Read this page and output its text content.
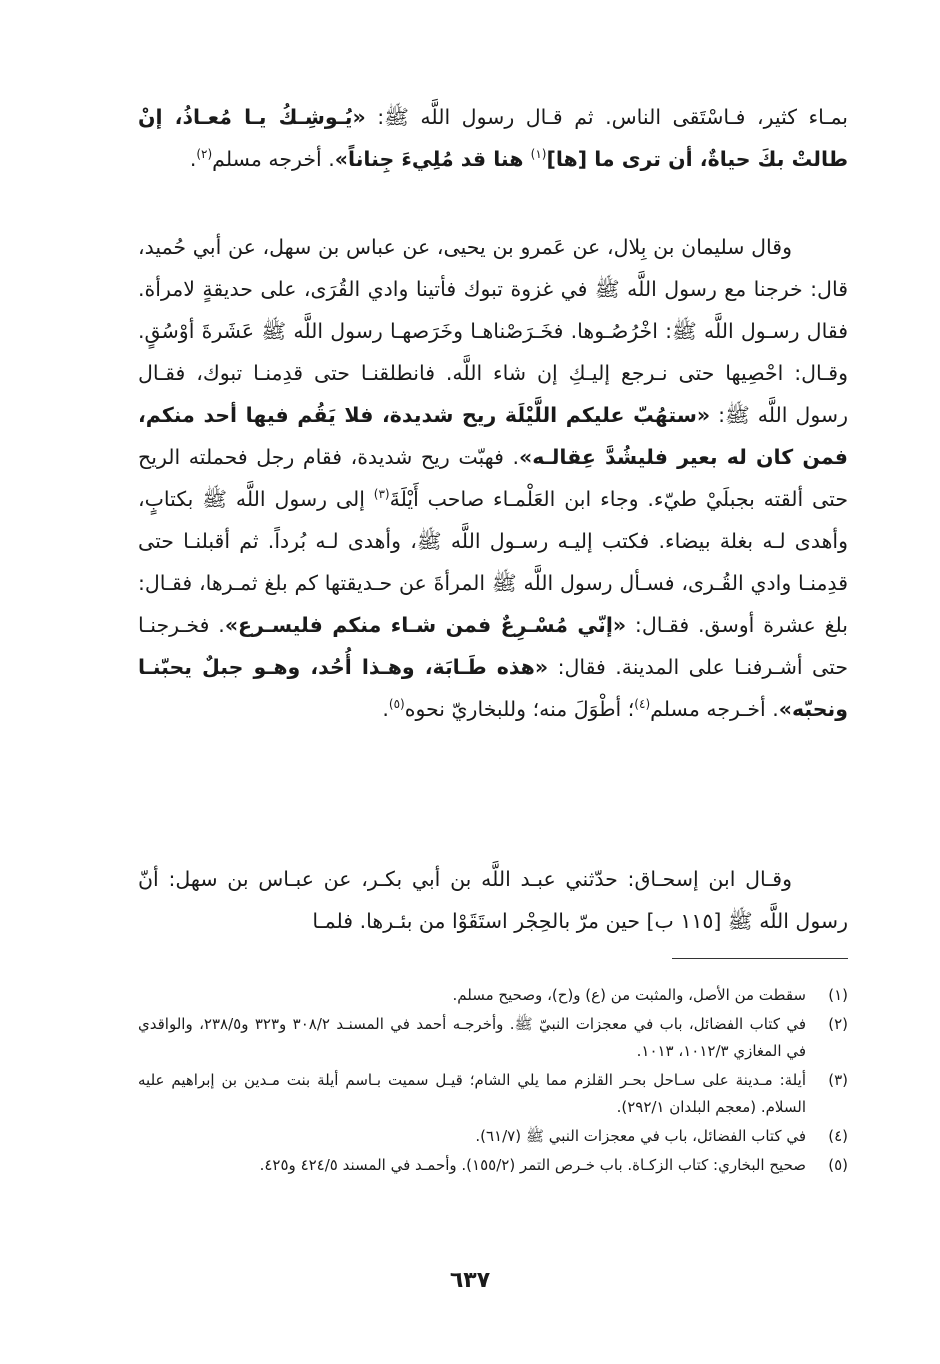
بمـاء كثير، فـاسْتَقى الناس. ثم قـال رسول اللَّه ﷺ: «يُـوشِـكُ يـا مُعـاذُ، إنْ طالتْ بكَ حياةٌ، أن ترى ما [ها]$^{(١)}$ هنا قد مُلِيءَ جِناناً». أخرجه مسلم$^{(٢)}$.

وقال سليمان بن بِلال، عن عَمرو بن يحيى، عن عباس بن سهل، عن أبي حُميد، قال: خرجنا مع رسول اللَّه ﷺ في غزوة تبوك فأتينا وادي القُرَى، على حديقةٍ لامرأة. فقال رسـول اللَّه ﷺ: اخْرُصُـوها. فخَـرَصْناهـا وخَرَصهـا رسول اللَّه ﷺ عَشَرةَ أوْسُقٍ. وقـال: احْصِيها حتى نـرجع إليـكِ إن شاء اللَّه. فانطلقنـا حتى قدِمنـا تبوك، فقـال رسول اللَّه ﷺ: «ستهُبّ عليكم اللَّيْلَة ريح شديدة، فلا يَقُم فيها أحد منكم، فمن كان له بعير فليشُدَّ عِقالـه». فهبّت ريح شديدة، فقام رجل فحملته الريح حتى ألقته بجبلَيْ طيّء. وجاء ابن العَلْمـاء صاحب أَيْلَةَ$^{(٣)}$ إلى رسول اللَّه ﷺ بكتابٍ، وأهدى لـه بغلة بيضاء. فكتب إليـه رسـول اللَّه ﷺ، وأهدى لـه بُرداً. ثم أقبلنـا حتى قدِمنـا وادي القُـرى، فسـأل رسول اللَّه ﷺ المرأةَ عن حـديقتها كم بلغ ثمـرها، فقـال: بلغ عشرة أوسق. فقـال: «إنّي مُسْـرِعٌ فمن شـاء منكم فليسـرع». فخـرجنـا حتى أشـرفنـا على المدينة. فقال: «هذه طَـابَة، وهـذا أُحُد، وهـو جبلٌ يحبّنـا ونحبّه». أخـرجه مسلم$^{(٤)}$؛ أطْوَلَ منه؛ وللبخاريّ نحوه$^{(٥)}$.

وقـال ابن إسحـاق: حدّثني عبـد اللَّه بن أبي بكـر، عن عبـاس بن سهل: أنّ رسول اللَّه ﷺ [١١٥ ب] حين مرّ بالحِجْر استَقَوْا من بئـرها. فلمـا

(١)
سقطت من الأصل، والمثبت من (ع) و(ح)، وصحيح مسلم.
(٢)
في كتاب الفضائل، باب في معجزات النبيّ ﷺ. وأخرجـه أحمد في المسنـد ٣٠٨/٢ و٣٢٣ و٢٣٨/٥، والواقدي في المغازي ١٠١٢/٣، ١٠١٣.
(٣)
أيلة: مـدينة على سـاحل بحـر القلزم مما يلي الشام؛ قيـل سميت بـاسم أيلة بنت مـدين بن إبراهيم عليه السلام. (معجم البلدان ٢٩٢/١).
(٤)
في كتاب الفضائل، باب في معجزات النبي ﷺ (٦١/٧).
(٥)
صحيح البخاري: كتاب الزكـاة. باب خـرص التمر (١٥٥/٢). وأحمـد في المسند ٤٢٤/٥ و٤٢٥.
٦٣٧
